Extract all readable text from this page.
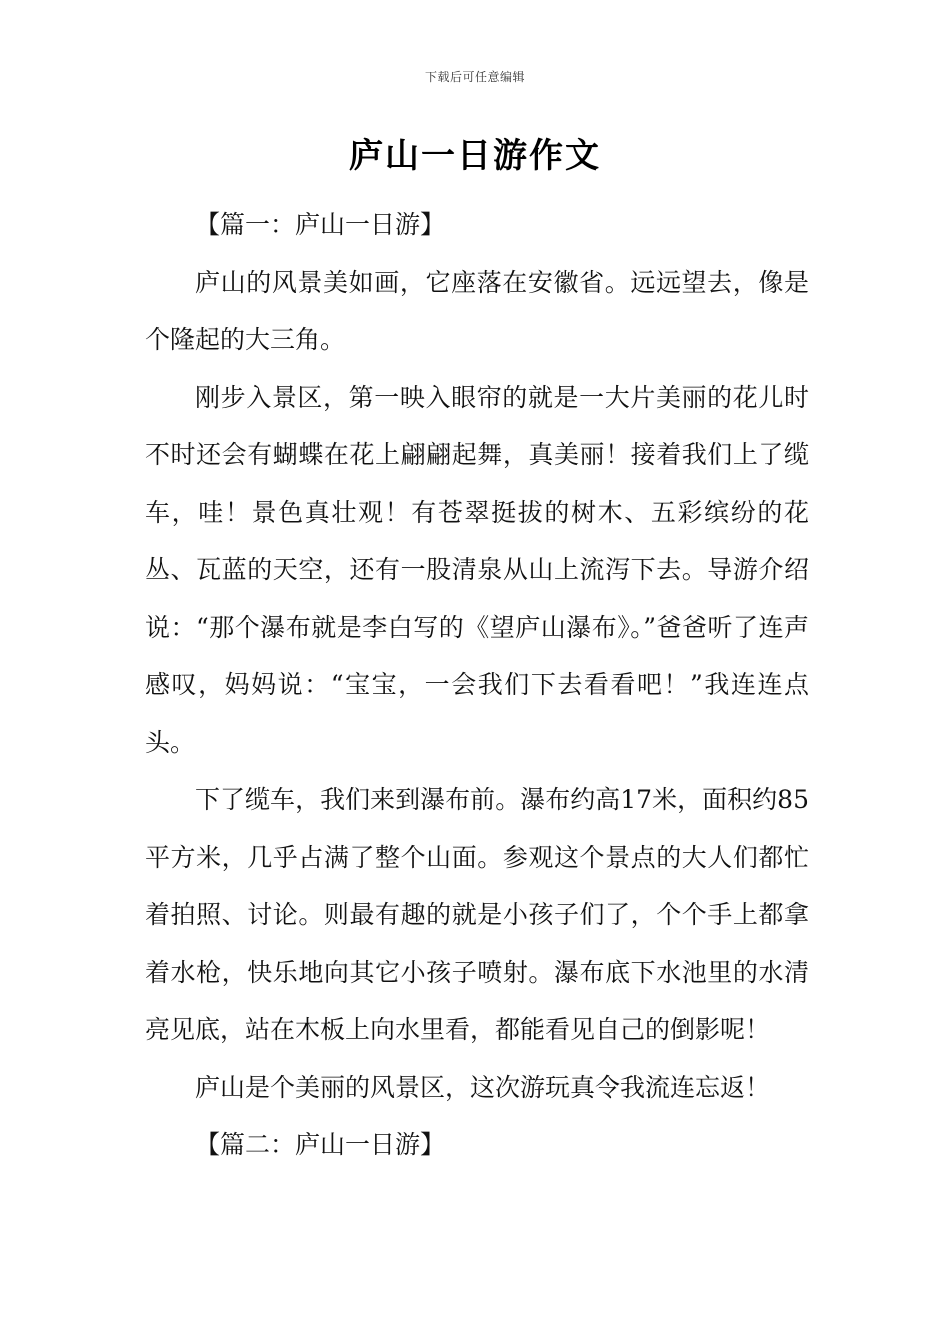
下载后可任意编辑
庐山一日游作文

【篇一：庐山一日游】

庐山的风景美如画，它座落在安徽省。远远望去，像是个隆起的大三角。

刚步入景区，第一映入眼帘的就是一大片美丽的花儿时不时还会有蝴蝶在花上翩翩起舞，真美丽！接着我们上了缆车，哇！景色真壮观！有苍翠挺拔的树木、五彩缤纷的花丛、瓦蓝的天空，还有一股清泉从山上流泻下去。导游介绍说：“那个瀑布就是李白写的《望庐山瀑布》。”爸爸听了连声感叹，妈妈说：“宝宝，一会我们下去看看吧！”我连连点头。

下了缆车，我们来到瀑布前。瀑布约高17米，面积约85平方米，几乎占满了整个山面。参观这个景点的大人们都忙着拍照、讨论。则最有趣的就是小孩子们了，个个手上都拿着水枪，快乐地向其它小孩子喷射。瀑布底下水池里的水清亮见底，站在木板上向水里看，都能看见自己的倒影呢！

庐山是个美丽的风景区，这次游玩真令我流连忘返！

【篇二：庐山一日游】
